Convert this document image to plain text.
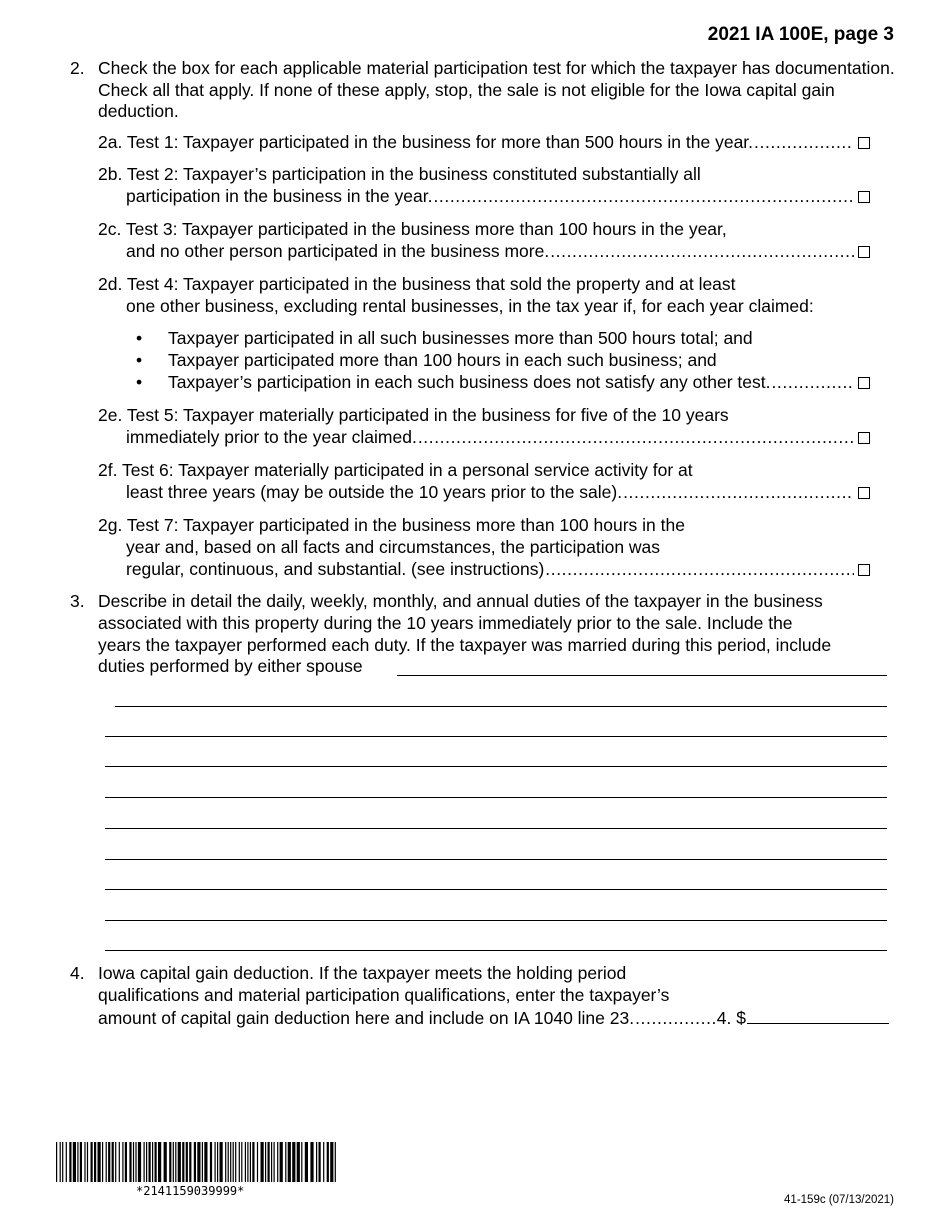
2021 IA 100E, page 3
2. Check the box for each applicable material participation test for which the taxpayer has documentation. Check all that apply. If none of these apply, stop, the sale is not eligible for the Iowa capital gain deduction.
2a. Test 1: Taxpayer participated in the business for more than 500 hours in the year.
.....
2b. Test 2: Taxpayer’s participation in the business constituted substantially all
participation in the business in the year.
.....
2c. Test 3: Taxpayer participated in the business more than 100 hours in the year,
and no other person participated in the business more.
.....
2d. Test 4: Taxpayer participated in the business that sold the property and at least
one other business, excluding rental businesses, in the tax year if, for each year claimed:
•	Taxpayer participated in all such businesses more than 500 hours total; and
•	Taxpayer participated more than 100 hours in each such business; and
•	Taxpayer’s participation in each such business does not satisfy any other test.
.....
2e. Test 5: Taxpayer materially participated in the business for five of the 10 years
immediately prior to the year claimed.
.....
2f. Test 6: Taxpayer materially participated in a personal service activity for at
least three years (may be outside the 10 years prior to the sale).
.....
2g. Test 7: Taxpayer participated in the business more than 100 hours in the
year and, based on all facts and circumstances, the participation was
regular, continuous, and substantial. (see instructions)
.....
3. Describe in detail the daily, weekly, monthly, and annual duties of the taxpayer in the business
associated with this property during the 10 years immediately prior to the sale. Include the
years the taxpayer performed each duty. If the taxpayer was married during this period, include
duties performed by either spouse
4. Iowa capital gain deduction. If the taxpayer meets the holding period
qualifications and material participation qualifications, enter the taxpayer’s
amount of capital gain deduction here and include on IA 1040 line 23.
.....	4. $
*2141159039999*
41-159c (07/13/2021)
